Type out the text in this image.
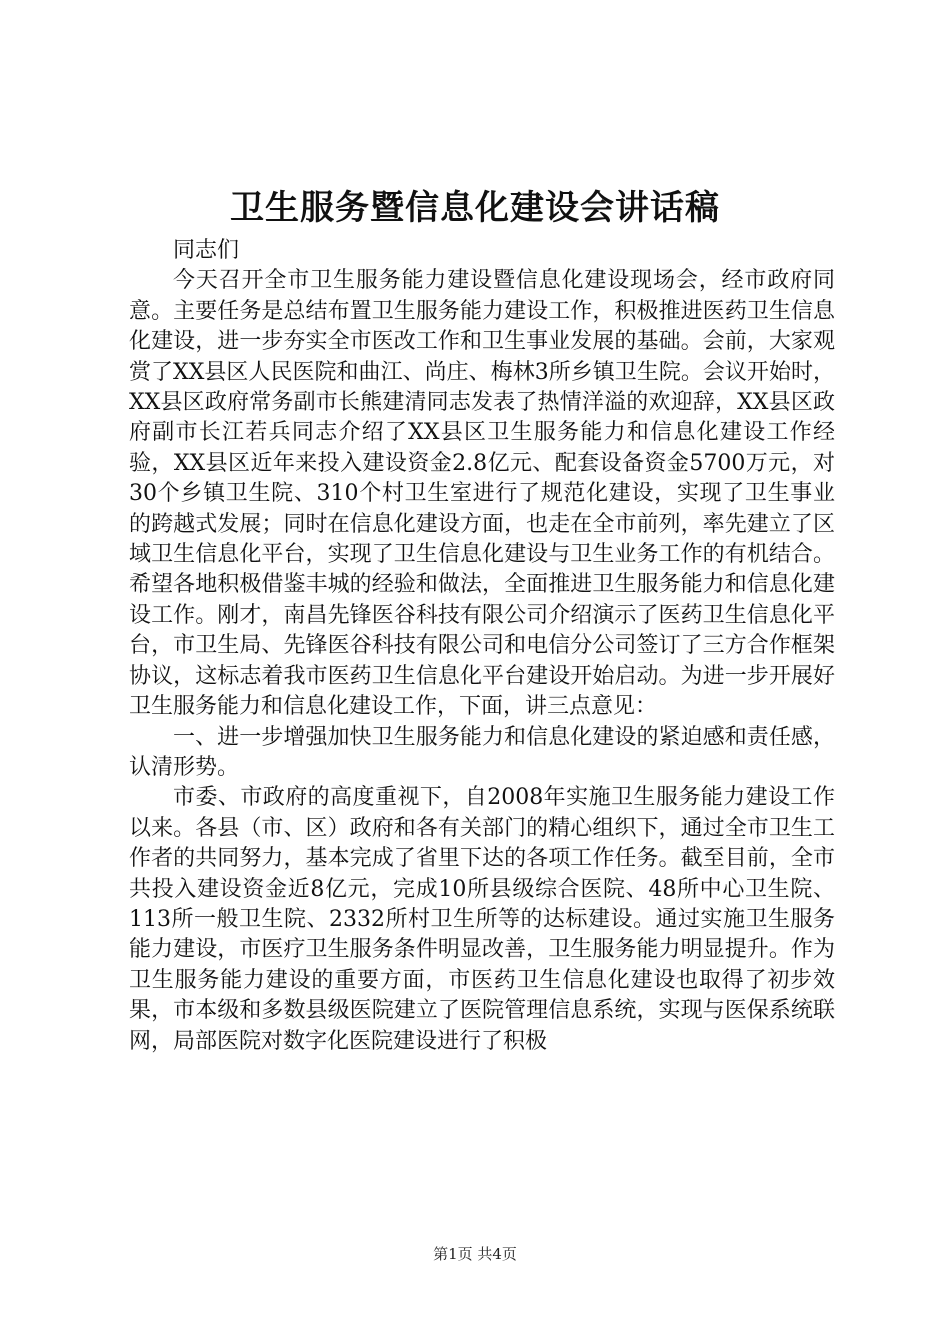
卫生服务暨信息化建设会讲话稿

同志们

今天召开全市卫生服务能力建设暨信息化建设现场会，经市政府同意。主要任务是总结布置卫生服务能力建设工作，积极推进医药卫生信息化建设，进一步夯实全市医改工作和卫生事业发展的基础。会前，大家观赏了XX县区人民医院和曲江、尚庄、梅林3所乡镇卫生院。会议开始时，XX县区政府常务副市长熊建清同志发表了热情洋溢的欢迎辞，XX县区政府副市长江若兵同志介绍了XX县区卫生服务能力和信息化建设工作经验，XX县区近年来投入建设资金2.8亿元、配套设备资金5700万元，对30个乡镇卫生院、310个村卫生室进行了规范化建设，实现了卫生事业的跨越式发展；同时在信息化建设方面，也走在全市前列，率先建立了区域卫生信息化平台，实现了卫生信息化建设与卫生业务工作的有机结合。希望各地积极借鉴丰城的经验和做法，全面推进卫生服务能力和信息化建设工作。刚才，南昌先锋医谷科技有限公司介绍演示了医药卫生信息化平台，市卫生局、先锋医谷科技有限公司和电信分公司签订了三方合作框架协议，这标志着我市医药卫生信息化平台建设开始启动。为进一步开展好卫生服务能力和信息化建设工作，下面，讲三点意见：

一、进一步增强加快卫生服务能力和信息化建设的紧迫感和责任感，认清形势。

市委、市政府的高度重视下，自2008年实施卫生服务能力建设工作以来。各县（市、区）政府和各有关部门的精心组织下，通过全市卫生工作者的共同努力，基本完成了省里下达的各项工作任务。截至目前，全市共投入建设资金近8亿元，完成10所县级综合医院、48所中心卫生院、113所一般卫生院、2332所村卫生所等的达标建设。通过实施卫生服务能力建设，市医疗卫生服务条件明显改善，卫生服务能力明显提升。作为卫生服务能力建设的重要方面，市医药卫生信息化建设也取得了初步效果，市本级和多数县级医院建立了医院管理信息系统，实现与医保系统联网，局部医院对数字化医院建设进行了积极

第1页 共4页
